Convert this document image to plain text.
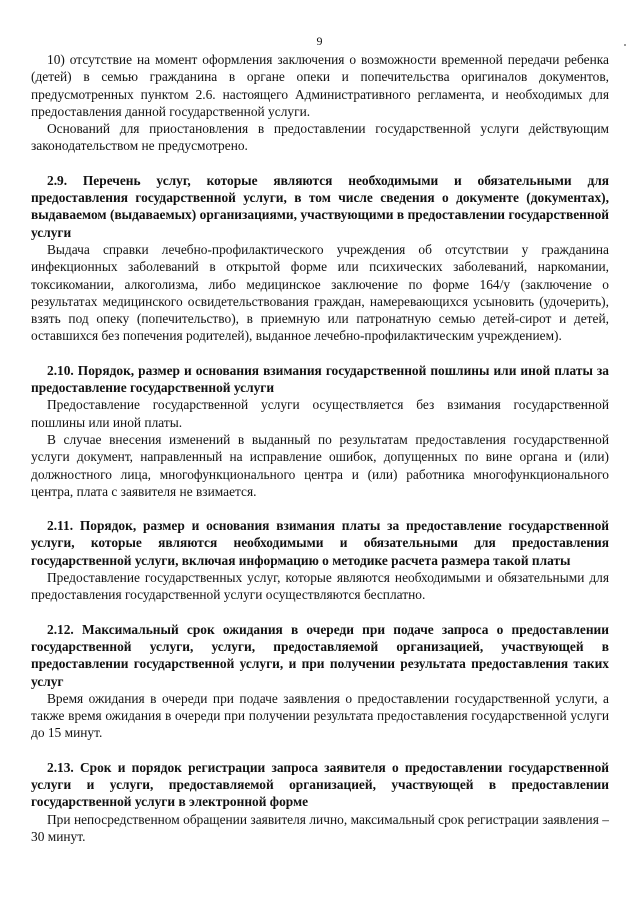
9

10) отсутствие на момент оформления заключения о возможности временной передачи ребенка (детей) в семью гражданина в органе опеки и попечительства оригиналов документов, предусмотренных пунктом 2.6. настоящего Административного регламента, и необходимых для предоставления данной государственной услуги.

Оснований для приостановления в предоставлении государственной услуги действующим законодательством не предусмотрено.

2.9. Перечень услуг, которые являются необходимыми и обязательными для предоставления государственной услуги, в том числе сведения о документе (документах), выдаваемом (выдаваемых) организациями, участвующими в предоставлении государственной услуги

Выдача справки лечебно-профилактического учреждения об отсутствии у гражданина инфекционных заболеваний в открытой форме или психических заболеваний, наркомании, токсикомании, алкоголизма, либо медицинское заключение по форме 164/у (заключение о результатах медицинского освидетельствования граждан, намеревающихся усыновить (удочерить), взять под опеку (попечительство), в приемную или патронатную семью детей-сирот и детей, оставшихся без попечения родителей), выданное лечебно-профилактическим учреждением).

2.10. Порядок, размер и основания взимания государственной пошлины или иной платы за предоставление государственной услуги

Предоставление государственной услуги осуществляется без взимания государственной пошлины или иной платы.

В случае внесения изменений в выданный по результатам предоставления государственной услуги документ, направленный на исправление ошибок, допущенных по вине органа и (или) должностного лица, многофункционального центра и (или) работника многофункционального центра, плата с заявителя не взимается.

2.11. Порядок, размер и основания взимания платы за предоставление государственной услуги, которые являются необходимыми и обязательными для предоставления государственной услуги, включая информацию о методике расчета размера такой платы

Предоставление государственных услуг, которые являются необходимыми и обязательными для предоставления государственной услуги осуществляются бесплатно.

2.12. Максимальный срок ожидания в очереди при подаче запроса о предоставлении государственной услуги, услуги, предоставляемой организацией, участвующей в предоставлении государственной услуги, и при получении результата предоставления таких услуг

Время ожидания в очереди при подаче заявления о предоставлении государственной услуги, а также время ожидания в очереди при получении результата предоставления государственной услуги до 15 минут.

2.13. Срок и порядок регистрации запроса заявителя о предоставлении государственной услуги и услуги, предоставляемой организацией, участвующей в предоставлении государственной услуги в электронной форме

При непосредственном обращении заявителя лично, максимальный срок регистрации заявления – 30 минут.
